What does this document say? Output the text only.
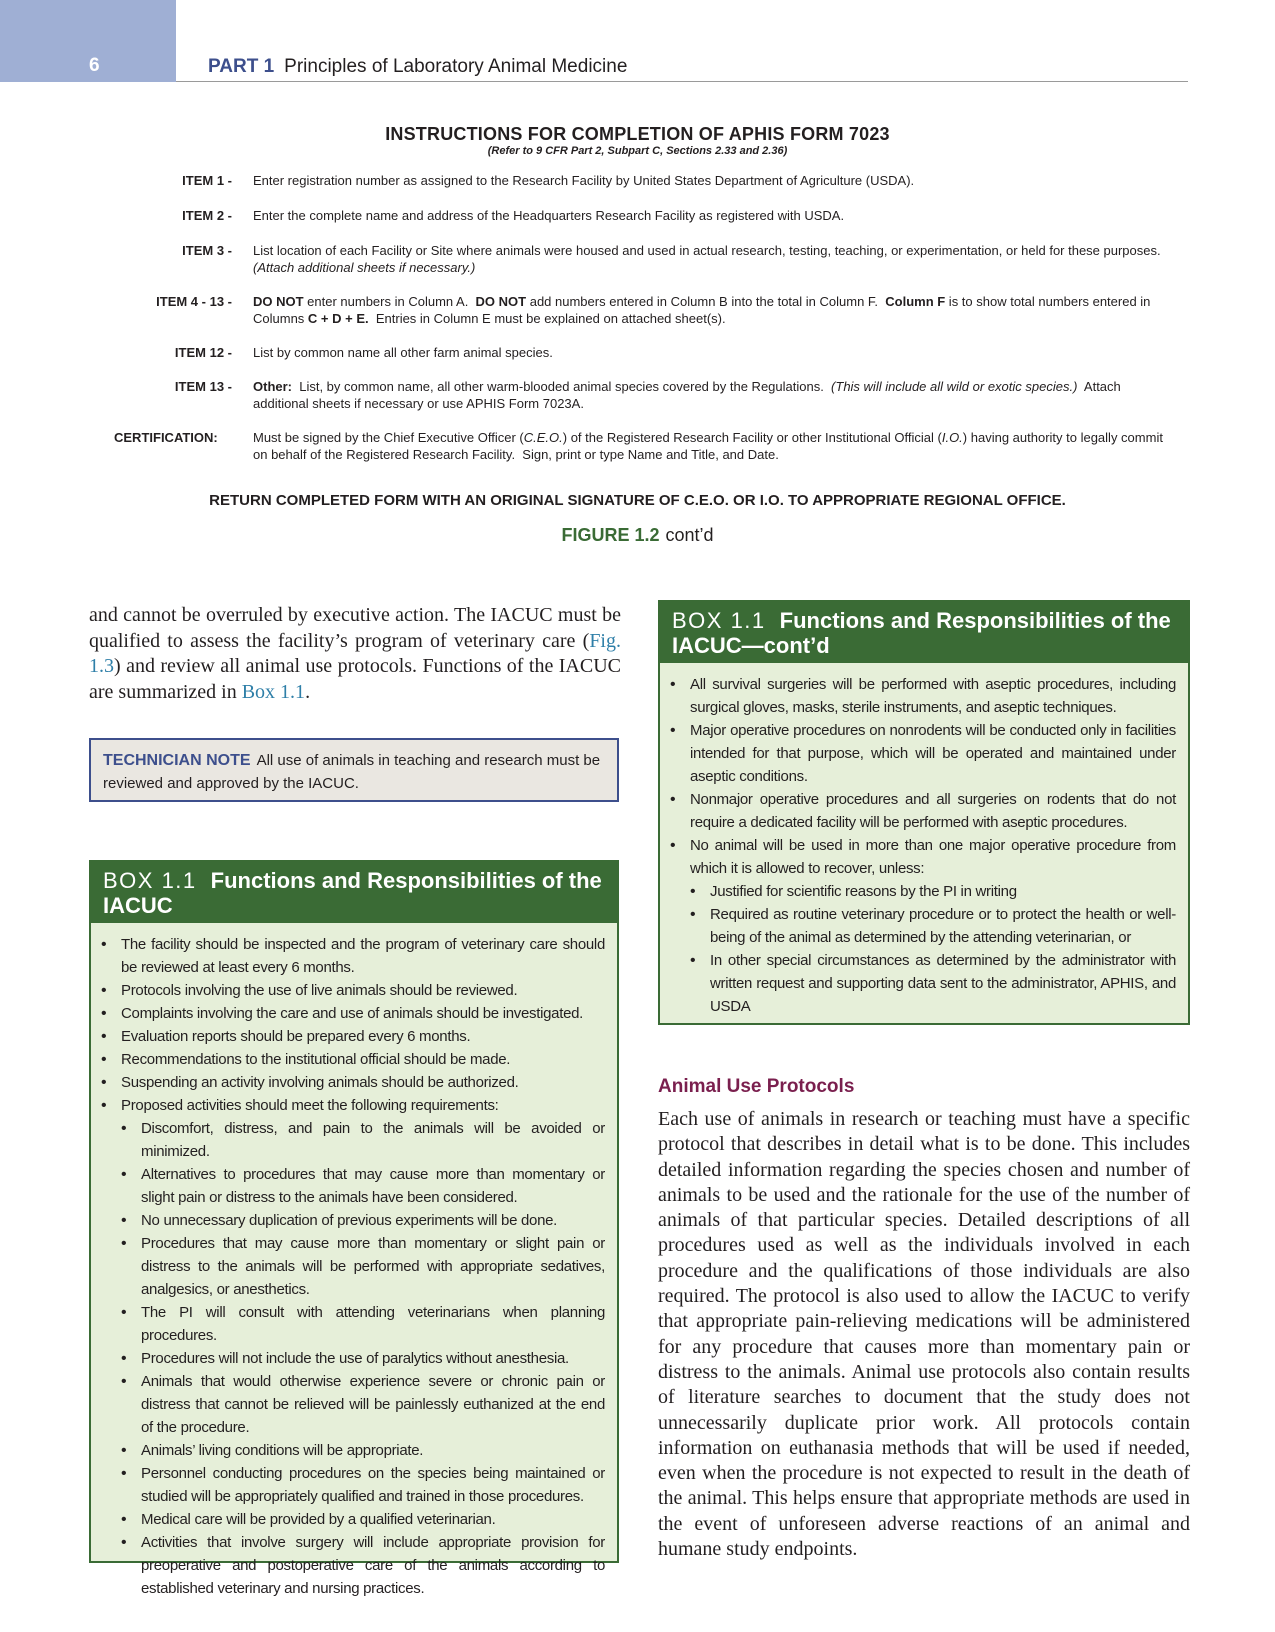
6	PART 1 Principles of Laboratory Animal Medicine
INSTRUCTIONS FOR COMPLETION OF APHIS FORM 7023
(Refer to 9 CFR Part 2, Subpart C, Sections 2.33 and 2.36)
ITEM 1 - Enter registration number as assigned to the Research Facility by United States Department of Agriculture (USDA).
ITEM 2 - Enter the complete name and address of the Headquarters Research Facility as registered with USDA.
ITEM 3 - List location of each Facility or Site where animals were housed and used in actual research, testing, teaching, or experimentation, or held for these purposes.  (Attach additional sheets if necessary.)
ITEM 4 - 13 - DO NOT enter numbers in Column A.  DO NOT add numbers entered in Column B into the total in Column F.  Column F is to show total numbers entered in Columns C + D + E.  Entries in Column E must be explained on attached sheet(s).
ITEM 12 - List by common name all other farm animal species.
ITEM 13 - Other:  List, by common name, all other warm-blooded animal species covered by the Regulations.  (This will include all wild or exotic species.)  Attach additional sheets if necessary or use APHIS Form 7023A.
CERTIFICATION:	Must be signed by the Chief Executive Officer (C.E.O.) of the Registered Research Facility or other Institutional Official (I.O.) having authority to legally commit on behalf of the Registered Research Facility.  Sign, print or type Name and Title, and Date.
RETURN COMPLETED FORM WITH AN ORIGINAL SIGNATURE OF C.E.O. OR I.O. TO APPROPRIATE REGIONAL OFFICE.
FIGURE 1.2 cont’d
and cannot be overruled by executive action. The IACUC must be qualified to assess the facility’s program of veterinary care (Fig. 1.3) and review all animal use protocols. Functions of the IACUC are summarized in Box 1.1.
TECHNICIAN NOTE All use of animals in teaching and research must be reviewed and approved by the IACUC.
BOX 1.1 Functions and Responsibilities of the IACUC
• The facility should be inspected and the program of veterinary care should be reviewed at least every 6 months.
• Protocols involving the use of live animals should be reviewed.
• Complaints involving the care and use of animals should be investigated.
• Evaluation reports should be prepared every 6 months.
• Recommendations to the institutional official should be made.
• Suspending an activity involving animals should be authorized.
• Proposed activities should meet the following requirements:
• Discomfort, distress, and pain to the animals will be avoided or minimized.
• Alternatives to procedures that may cause more than momentary or slight pain or distress to the animals have been considered.
• No unnecessary duplication of previous experiments will be done.
• Procedures that may cause more than momentary or slight pain or distress to the animals will be performed with appropriate sedatives, analgesics, or anesthetics.
• The PI will consult with attending veterinarians when planning procedures.
• Procedures will not include the use of paralytics without anesthesia.
• Animals that would otherwise experience severe or chronic pain or distress that cannot be relieved will be painlessly euthanized at the end of the procedure.
• Animals’ living conditions will be appropriate.
• Personnel conducting procedures on the species being maintained or studied will be appropriately qualified and trained in those procedures.
• Medical care will be provided by a qualified veterinarian.
• Activities that involve surgery will include appropriate provision for preoperative and postoperative care of the animals according to established veterinary and nursing practices.
BOX 1.1 Functions and Responsibilities of the IACUC—cont’d
• All survival surgeries will be performed with aseptic procedures, including surgical gloves, masks, sterile instruments, and aseptic techniques.
• Major operative procedures on nonrodents will be conducted only in facilities intended for that purpose, which will be operated and maintained under aseptic conditions.
• Nonmajor operative procedures and all surgeries on rodents that do not require a dedicated facility will be performed with aseptic procedures.
• No animal will be used in more than one major operative procedure from which it is allowed to recover, unless:
• Justified for scientific reasons by the PI in writing
• Required as routine veterinary procedure or to protect the health or well-being of the animal as determined by the attending veterinarian, or
• In other special circumstances as determined by the administrator with written request and supporting data sent to the administrator, APHIS, and USDA
Animal Use Protocols
Each use of animals in research or teaching must have a specific protocol that describes in detail what is to be done. This includes detailed information regarding the species chosen and number of animals to be used and the rationale for the use of the number of animals of that particular species. Detailed descriptions of all procedures used as well as the individuals involved in each procedure and the qualifications of those individuals are also required. The protocol is also used to allow the IACUC to verify that appropriate pain-relieving medications will be administered for any procedure that causes more than momentary pain or distress to the animals. Animal use protocols also contain results of literature searches to document that the study does not unnecessarily duplicate prior work. All protocols contain information on euthanasia methods that will be used if needed, even when the procedure is not expected to result in the death of the animal. This helps ensure that appropriate methods are used in the event of unforeseen adverse reactions of an animal and humane study endpoints.
